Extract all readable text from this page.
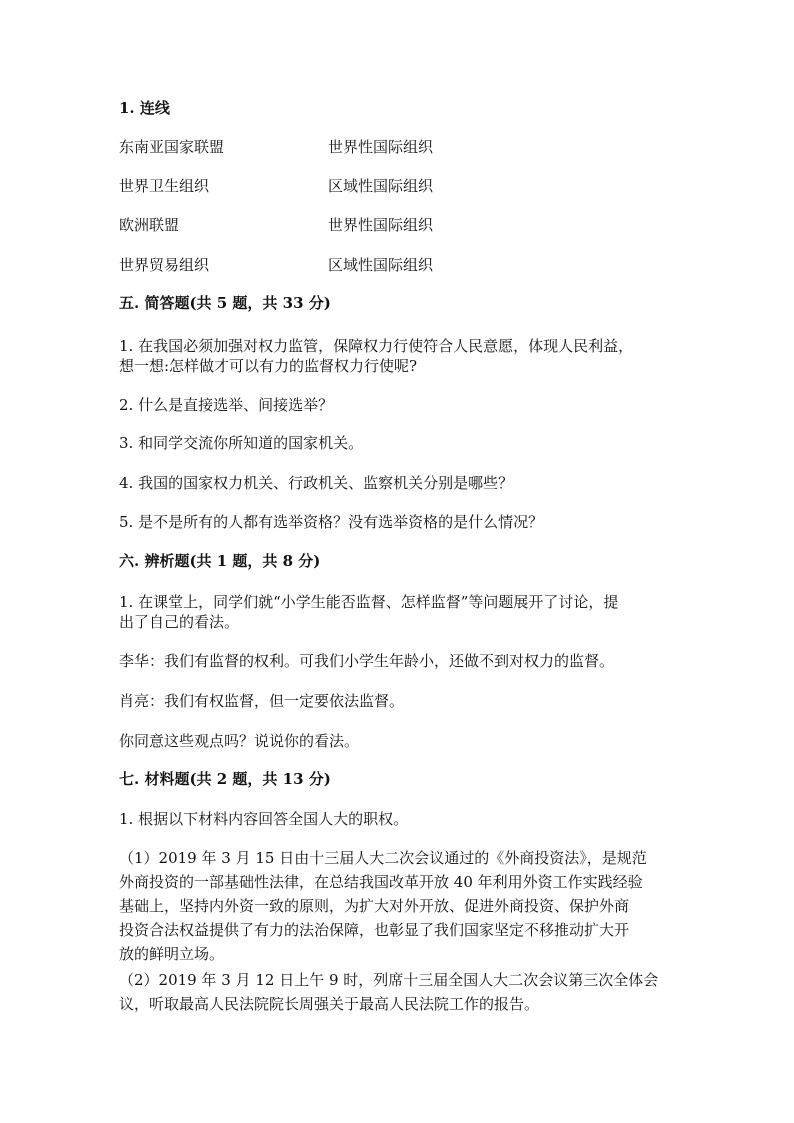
1. 连线
东南亚国家联盟	世界性国际组织
世界卫生组织	区域性国际组织
欧洲联盟	世界性国际组织
世界贸易组织	区域性国际组织
五. 简答题(共 5 题，共 33 分)
1. 在我国必须加强对权力监管，保障权力行使符合人民意愿，体现人民利益，
想一想:怎样做才可以有力的监督权力行使呢?
2. 什么是直接选举、间接选举？
3. 和同学交流你所知道的国家机关。
4. 我国的国家权力机关、行政机关、监察机关分别是哪些？
5. 是不是所有的人都有选举资格？没有选举资格的是什么情况？
六. 辨析题(共 1 题，共 8 分)
1. 在课堂上，同学们就“小学生能否监督、怎样监督”等问题展开了讨论，提
出了自己的看法。
李华：我们有监督的权利。可我们小学生年龄小，还做不到对权力的监督。
肖亮：我们有权监督，但一定要依法监督。
你同意这些观点吗？说说你的看法。
七. 材料题(共 2 题，共 13 分)
1. 根据以下材料内容回答全国人大的职权。
（1）2019 年 3 月 15 日由十三届人大二次会议通过的《外商投资法》，是规范
外商投资的一部基础性法律，在总结我国改革开放 40 年利用外资工作实践经验
基础上，坚持内外资一致的原则，为扩大对外开放、促进外商投资、保护外商
投资合法权益提供了有力的法治保障，也彰显了我们国家坚定不移推动扩大开
放的鲜明立场。
（2）2019 年 3 月 12 日上午 9 时，列席十三届全国人大二次会议第三次全体会
议，听取最高人民法院院长周强关于最高人民法院工作的报告。
